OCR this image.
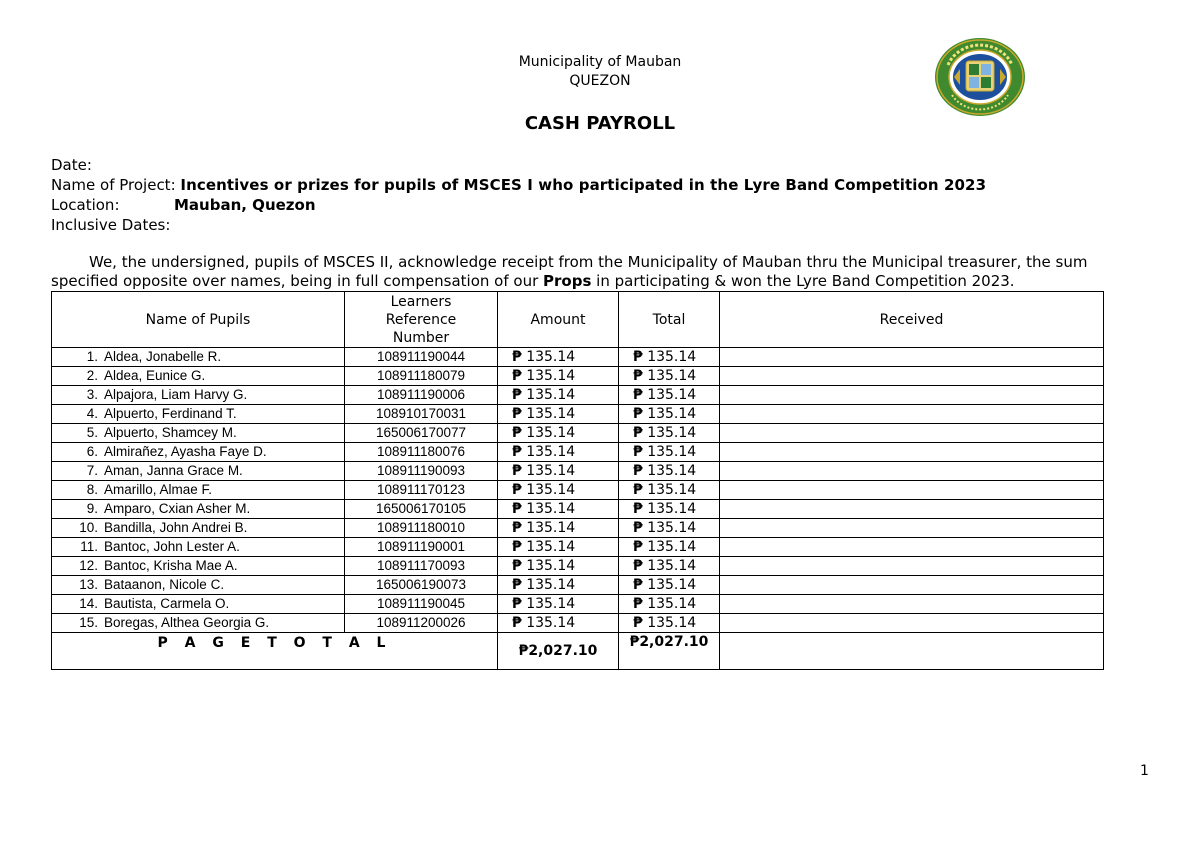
Municipality of Mauban
QUEZON
CASH PAYROLL
Date:
Name of Project: Incentives or prizes for pupils of MSCES I who participated in the Lyre Band Competition 2023
Location:	Mauban, Quezon
Inclusive Dates:
We, the undersigned, pupils of MSCES II, acknowledge receipt from the Municipality of Mauban thru the Municipal treasurer, the sum
specified opposite over names, being in full compensation of our Props in participating & won the Lyre Band Competition 2023.
Name of Pupils	Learners
Reference
Number	Amount	Total	Received
1. Aldea, Jonabelle R.	108911190044	₱ 135.14	₱ 135.14	
2. Aldea, Eunice G.	108911180079	₱ 135.14	₱ 135.14	
3. Alpajora, Liam Harvy G.	108911190006	₱ 135.14	₱ 135.14	
4. Alpuerto, Ferdinand T.	108910170031	₱ 135.14	₱ 135.14	
5. Alpuerto, Shamcey M.	165006170077	₱ 135.14	₱ 135.14	
6. Almirañez, Ayasha Faye D.	108911180076	₱ 135.14	₱ 135.14	
7. Aman, Janna Grace M.	108911190093	₱ 135.14	₱ 135.14	
8. Amarillo, Almae F.	108911170123	₱ 135.14	₱ 135.14	
9. Amparo, Cxian Asher M.	165006170105	₱ 135.14	₱ 135.14	
10. Bandilla, John Andrei B.	108911180010	₱ 135.14	₱ 135.14	
11. Bantoc, John Lester A.	108911190001	₱ 135.14	₱ 135.14	
12. Bantoc, Krisha Mae A.	108911170093	₱ 135.14	₱ 135.14	
13. Bataanon, Nicole C.	165006190073	₱ 135.14	₱ 135.14	
14. Bautista, Carmela O.	108911190045	₱ 135.14	₱ 135.14	
15. Boregas, Althea Georgia G.	108911200026	₱ 135.14	₱ 135.14	
P A G E T O T A L		₱2,027.10	₱2,027.10	
1
